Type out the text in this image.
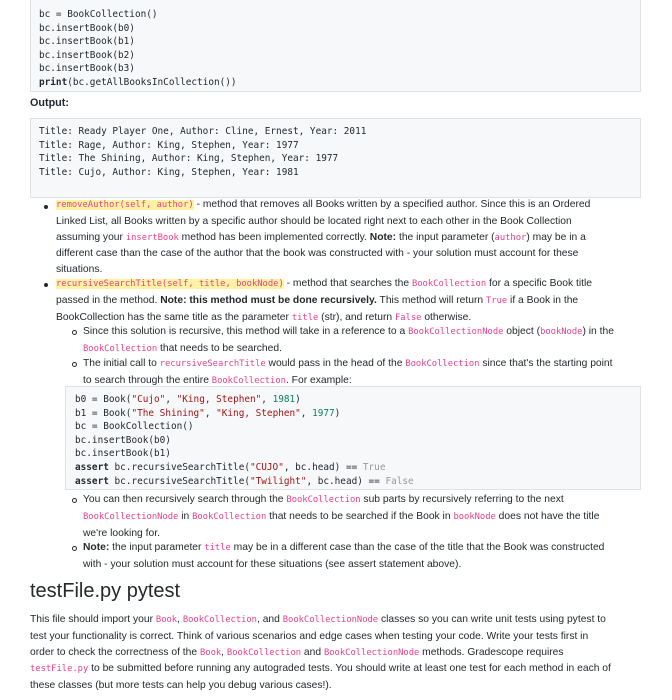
bc = BookCollection()
bc.insertBook(b0)
bc.insertBook(b1)
bc.insertBook(b2)
bc.insertBook(b3)
print(bc.getAllBooksInCollection())
Output:
Title: Ready Player One, Author: Cline, Ernest, Year: 2011
Title: Rage, Author: King, Stephen, Year: 1977
Title: The Shining, Author: King, Stephen, Year: 1977
Title: Cujo, Author: King, Stephen, Year: 1981
removeAuthor(self, author) - method that removes all Books written by a specified author. Since this is an Ordered
Linked List, all Books written by a specific author should be located right next to each other in the Book Collection
assuming your insertBook method has been implemented correctly. Note: the input parameter (author) may be in a
different case than the case of the author that the book was constructed with - your solution must account for these
situations.
recursiveSearchTitle(self, title, bookNode) - method that searches the BookCollection for a specific Book title
passed in the method. Note: this method must be done recursively. This method will return True if a Book in the
BookCollection has the same title as the parameter title (str), and return False otherwise.
Since this solution is recursive, this method will take in a reference to a BookCollectionNode object (bookNode) in the
BookCollection that needs to be searched.
The initial call to recursiveSearchTitle would pass in the head of the BookCollection since that's the starting point
to search through the entire BookCollection. For example:
b0 = Book("Cujo", "King, Stephen", 1981)
b1 = Book("The Shining", "King, Stephen", 1977)
bc = BookCollection()
bc.insertBook(b0)
bc.insertBook(b1)
assert bc.recursiveSearchTitle("CUJO", bc.head) == True
assert bc.recursiveSearchTitle("Twilight", bc.head) == False
You can then recursively search through the BookCollection sub parts by recursively referring to the next
BookCollectionNode in BookCollection that needs to be searched if the Book in bookNode does not have the title
we're looking for.
Note: the input parameter title may be in a different case than the case of the title that the Book was constructed
with - your solution must account for these situations (see assert statement above).
testFile.py pytest
This file should import your Book, BookCollection, and BookCollectionNode classes so you can write unit tests using pytest to
test your functionality is correct. Think of various scenarios and edge cases when testing your code. Write your tests first in
order to check the correctness of the Book, BookCollection and BookCollectionNode methods. Gradescope requires
testFile.py to be submitted before running any autograded tests. You should write at least one test for each method in each of
these classes (but more tests can help you debug various cases!).
